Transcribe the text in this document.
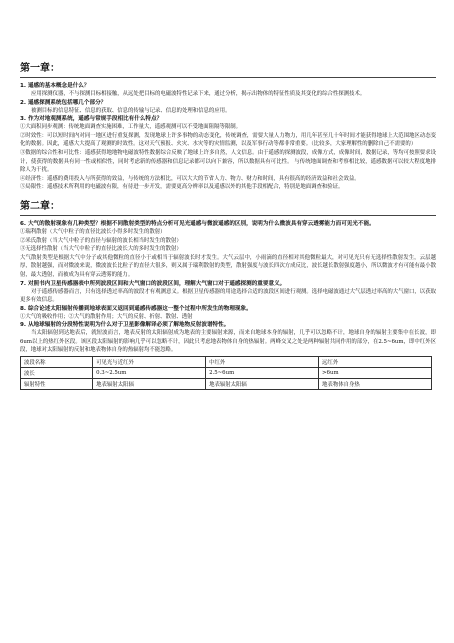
第一章：

1. 遥感的基本概念是什么？

应用探测仪器，不与探测目标相接触，从远处把目标的电磁波特性记录下来，通过分析，揭示出物体的特征性质及其变化的综合性探测技术。

2. 遥感探测系统包括哪几个部分？

被测目标的信息特征、信息的获取、信息的传输与记录、信息的处理和信息的应用。

3. 作为对地观测系统，遥感与常规手段相比有什么特点？

①大面积同步观测：传统地面调查实施困难，工作量大，遥感观测可以不受地面阻隔等限制。

②时效性：可以短时间内对同一地区进行重复探测，发现地球上许多事物的动态变化，传统调查，需要大量人力物力，用几年甚至几十年时间才能获得地球上大范围地区动态变化的数据。因此，遥感大大提高了观测的时效性。这对天气预报、火灾、水灾等的灾情监测，以及军事行动等都非常重要。（比较多，大家理解性的删除自己不需要的）

③数据的综合性和可比性：遥感获得地地物电磁波特性数据综合反映了地球上许多自然，人文信息。由于遥感的探测波段，成像方式，成像时间，数据记录，等均可按照要求设计，使获得的数据具有同一性或相似性，同时考虑新的传感器和信息记录都可以向下兼容，所以数据具有可比性。 与传统地面调查和考察相比较，遥感数据可以较大程度地排除人为干扰。

④经济性：遥感的费用投入与所获得的效益，与传统的方法相比，可以大大的节省人力、物力、财力和时间，具有很高的经济效益和社会效益。

⑤局限性：遥感技术所利用的电磁波有限，有待进一步开发，需要更高分辨率以及遥感以外的其他手段相配合，特别是地面调查和验证。

第二章：

6. 大气的散射现象有几种类型？根据不同散射类型的特点分析可见光遥感与微波遥感的区别，说明为什么微波具有穿云透雾能力而可见光不能。

①瑞利散射（大气中粒子的直径比波长小得多时发生的散射）

②米氏散射（当大气中粒子的直径与辐射的波长相当时发生的散射）

③无选择性散射（当大气中粒子的直径比波长大的多时发生的散射）

大气散射类型是根据大气中分子或其他微粒的直径小于或相当于辐射波长时才发生。大气云层中，小雨滴的直径相对其他微粒最大，对可见光只有无选择性散射发生，云层越厚，散射越强，而对微波来说，微波波长比粒子的直径大很多，则又属于瑞利散射的类型，散射强度与波长四次方成反比，波长越长散射强度越小，所以微波才有可能有最小散射，最大透射，而被成为具有穿云透雾的能力。

7. 对照书内卫星传感器表中所列波段区间和大气窗口的波段区间，理解大气窗口对于遥感探测的重要意义。

对于遥感传感器而言，只有选择透过率高的波段才有观测意义。根据卫星传感器的用途选择合适的波段区间进行观测。选择电磁波通过大气层透过率高的大气窗口，以获取更多有效信息。

8. 综合论述太阳辐射传播到地球表面又返回到遥感传感器这一整个过程中所发生的物理现象。

①大气的吸收作用；②大气的散射作用；大气的反射、折射、散射、透射

9. 从地球辐射的分段特性说明为什么对于卫星影像解译必须了解地物反射波谱特性。

当太阳辐射到达地表后，就短波而言，地表反射的太阳辐射成为地表的主要辐射来源，而来自地球本身的辐射，几乎可以忽略不计，地球自身的辐射主要集中在长波，即6um以上的热红外区段。该区段太阳辐射的影响几乎可以忽略不计，因此只考虑地表物体自身的热辐射。两峰交叉之处是两种辐射共同作用的部分，在2.5~6um，即中红外区段，地球对太阳辐射的反射和地表物体自身的热辐射均不能忽略。

波段名称	可见光与近红外	中红外	远红外
波长	0.3~2.5um	2.5~6um	>6um
辐射特性	地表辐射太阳辐	地表辐射太阳辐	地表物体自身热
